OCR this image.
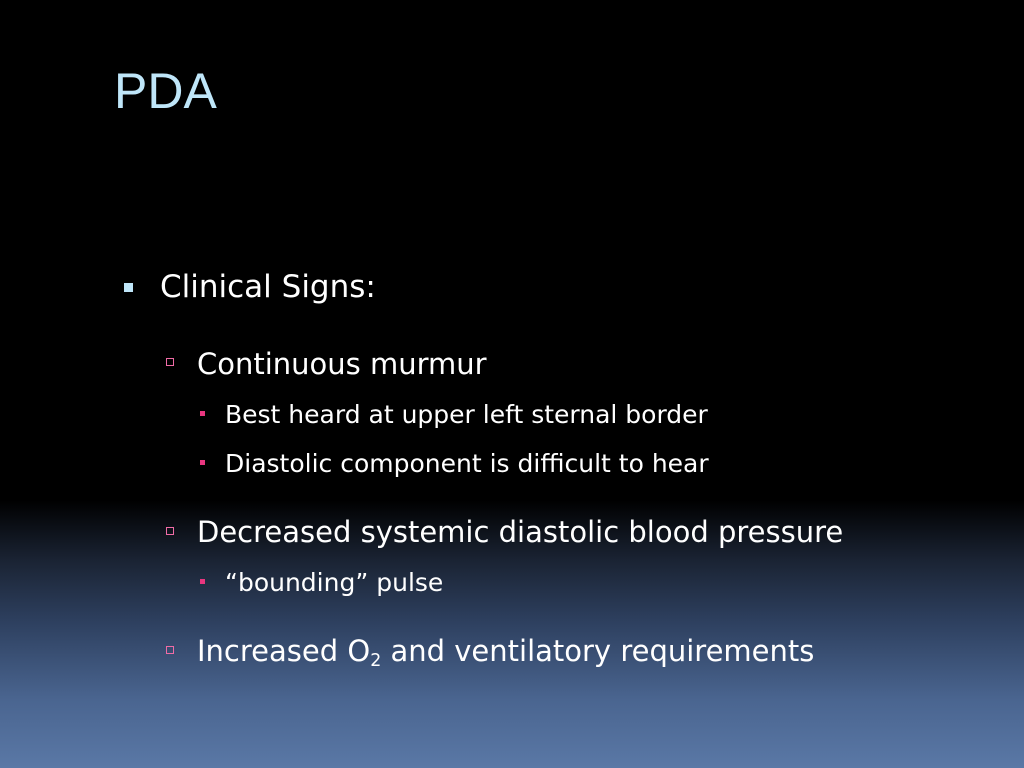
PDA
Clinical Signs:
Continuous murmur
Best heard at upper left sternal border
Diastolic component is difficult to hear
Decreased systemic diastolic blood pressure
“bounding” pulse
Increased $O_2$ and ventilatory requirements
